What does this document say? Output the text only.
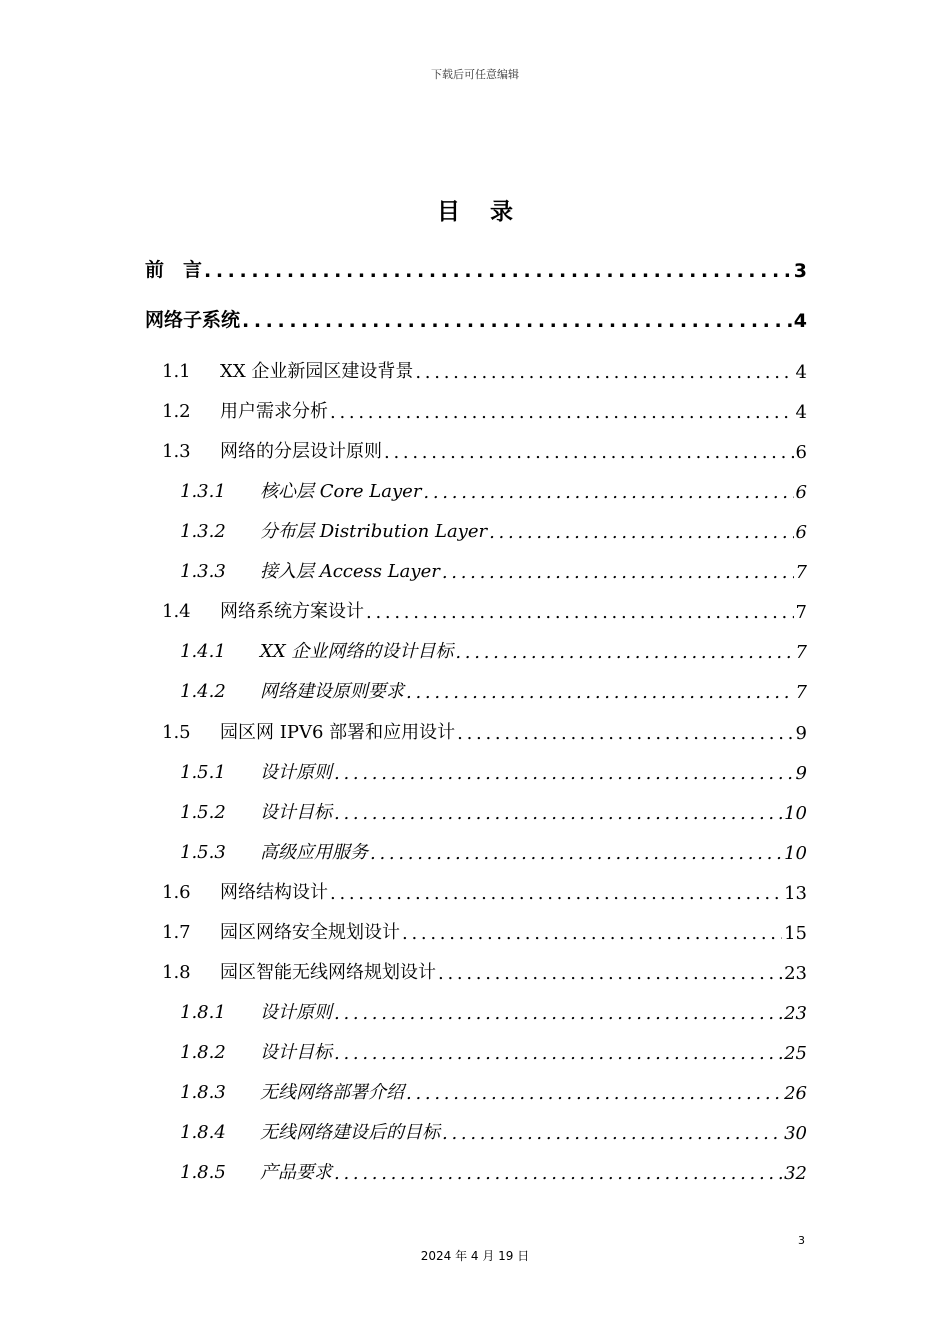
下载后可任意编辑
目 录
前　言 . . .	3
网络子系统 . . .	4
1.1 XX 企业新园区建设背景 . . .	4
1.2 用户需求分析 . . .	4
1.3 网络的分层设计原则 . . .	6
1.3.1 核心层 Core Layer . . .	6
1.3.2 分布层 Distribution Layer . . .	6
1.3.3 接入层 Access Layer . . .	7
1.4 网络系统方案设计 . . .	7
1.4.1 XX 企业网络的设计目标 . . .	7
1.4.2 网络建设原则要求 . . .	7
1.5 园区网 IPV6 部署和应用设计 . . .	9
1.5.1 设计原则 . . .	9
1.5.2 设计目标 . . .	10
1.5.3 高级应用服务 . . .	10
1.6 网络结构设计 . . .	13
1.7 园区网络安全规划设计 . . .	15
1.8 园区智能无线网络规划设计 . . .	23
1.8.1 设计原则 . . .	23
1.8.2 设计目标 . . .	25
1.8.3 无线网络部署介绍 . . .	26
1.8.4 无线网络建设后的目标 . . .	30
1.8.5 产品要求 . . .	32
3
2024 年 4 月 19 日
